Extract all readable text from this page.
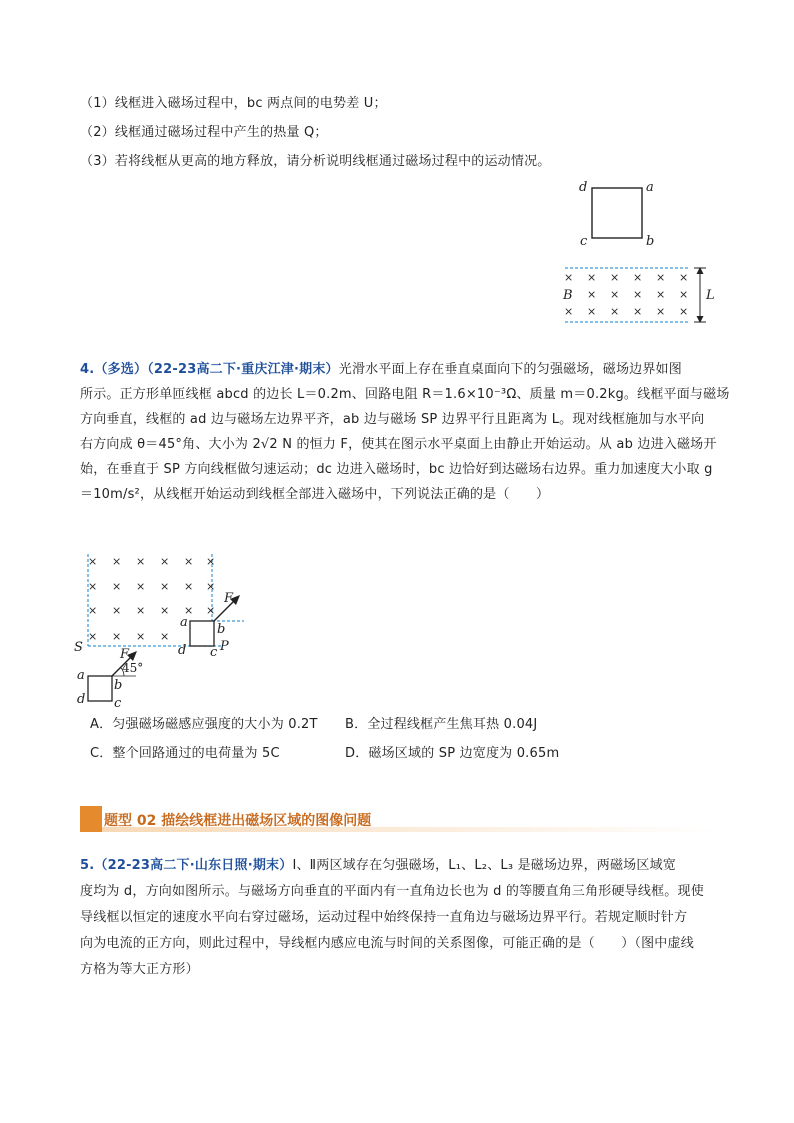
（1）线框进入磁场过程中，bc 两点间的电势差 U；
（2）线框通过磁场过程中产生的热量 Q；
（3）若将线框从更高的地方释放，请分析说明线框通过磁场过程中的运动情况。
d	a
c	b
× × × × × ×
× × × × ×
× × × × × ×
B	L
4.（多选）（22-23高二下·重庆江津·期末）光滑水平面上存在垂直桌面向下的匀强磁场，磁场边界如图
所示。正方形单匝线框 abcd 的边长 L＝0.2m、回路电阻 R＝1.6×10⁻³Ω、质量 m＝0.2kg。线框平面与磁场
方向垂直，线框的 ad 边与磁场左边界平齐，ab 边与磁场 SP 边界平行且距离为 L。现对线框施加与水平向
右方向成 θ＝45°角、大小为 2√2 N 的恒力 F，使其在图示水平桌面上由静止开始运动。从 ab 边进入磁场开
始，在垂直于 SP 方向线框做匀速运动；dc 边进入磁场时，bc 边恰好到达磁场右边界。重力加速度大小取 g
＝10m/s²，从线框开始运动到线框全部进入磁场中，下列说法正确的是（　　）
× × × × × ×
× × × × × ×
× × × × × ×
× × × ×
a b
d c P
F
S
a
b
d c
F
45°
A．匀强磁场磁感应强度的大小为 0.2T B．全过程线框产生焦耳热 0.04J
C．整个回路通过的电荷量为 5C	D．磁场区域的 SP 边宽度为 0.65m
题型 02 描绘线框进出磁场区域的图像问题
5.（22-23高二下·山东日照·期末）Ⅰ、Ⅱ两区域存在匀强磁场，L₁、L₂、L₃ 是磁场边界，两磁场区域宽
度均为 d，方向如图所示。与磁场方向垂直的平面内有一直角边长也为 d 的等腰直角三角形硬导线框。现使
导线框以恒定的速度水平向右穿过磁场，运动过程中始终保持一直角边与磁场边界平行。若规定顺时针方
向为电流的正方向，则此过程中，导线框内感应电流与时间的关系图像，可能正确的是（　　）（图中虚线
方格为等大正方形）
